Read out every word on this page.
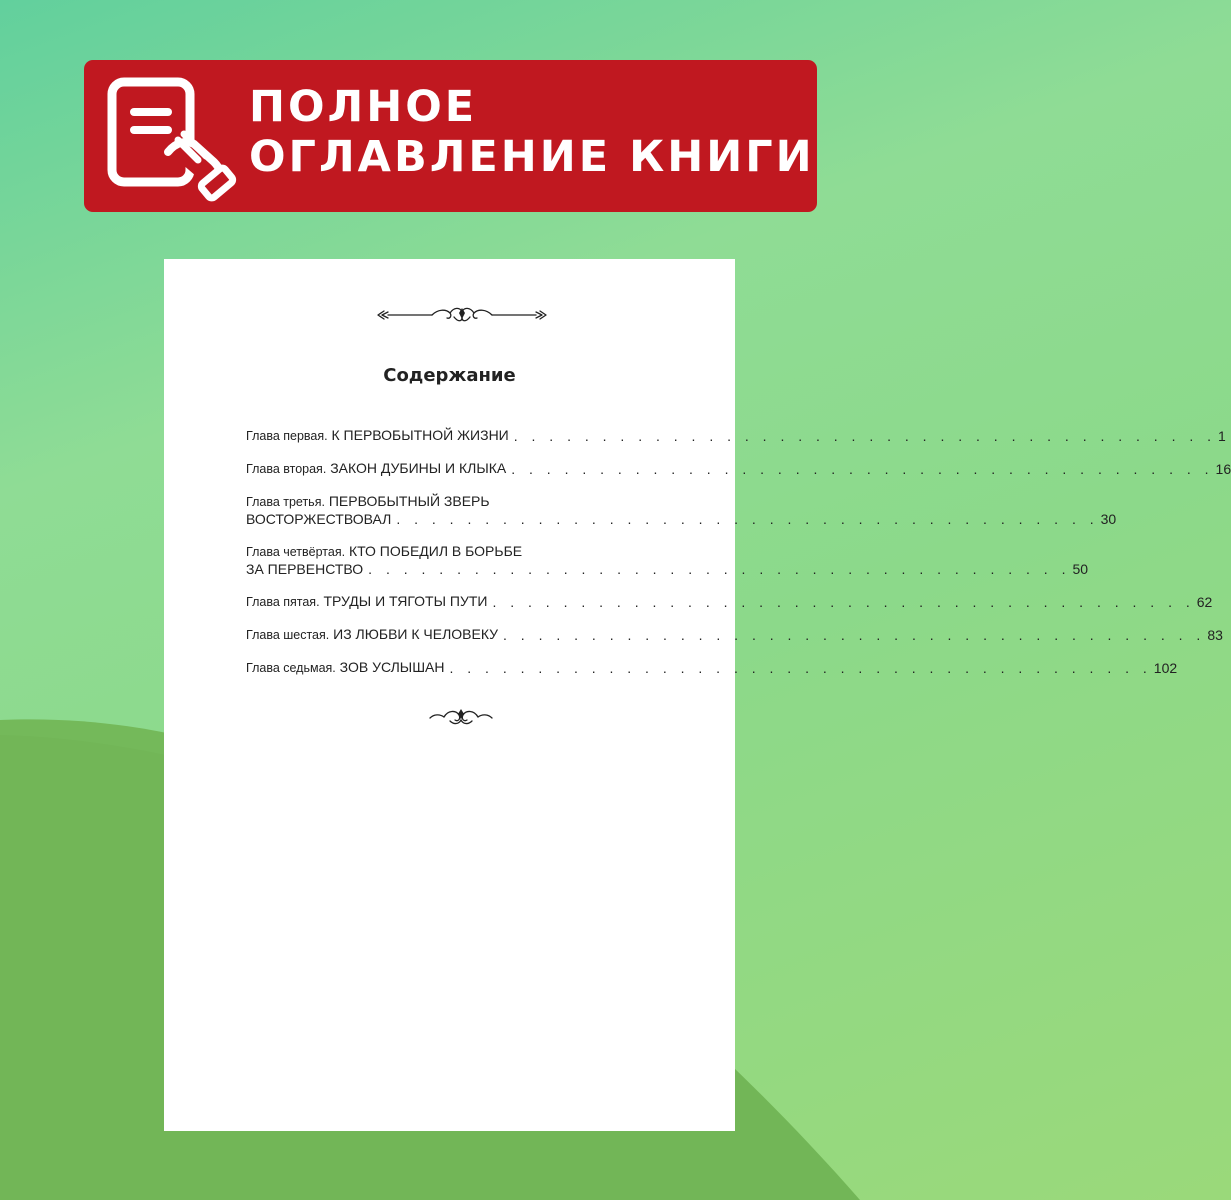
ПОЛНОЕ
ОГЛАВЛЕНИЕ КНИГИ
Содержание
Глава первая. К ПЕРВОБЫТНОЙ ЖИЗНИ . . . . . . . . . . . . . . . . . . . . . . . . . . . . . . . . . . . . . . . . 1
Глава вторая. ЗАКОН ДУБИНЫ И КЛЫКА . . . . . . . . . . . . . . . . . . . . . . . . . . . . . . . . . . . . . . . . 16
Глава третья. ПЕРВОБЫТНЫЙ ЗВЕРЬ
ВОСТОРЖЕСТВОВАЛ . . . . . . . . . . . . . . . . . . . . . . . . . . . . . . . . . . . . . . . . 30
Глава четвёртая. КТО ПОБЕДИЛ В БОРЬБЕ
ЗА ПЕРВЕНСТВО . . . . . . . . . . . . . . . . . . . . . . . . . . . . . . . . . . . . . . . . 50
Глава пятая. ТРУДЫ И ТЯГОТЫ ПУТИ . . . . . . . . . . . . . . . . . . . . . . . . . . . . . . . . . . . . . . . . 62
Глава шестая. ИЗ ЛЮБВИ К ЧЕЛОВЕКУ . . . . . . . . . . . . . . . . . . . . . . . . . . . . . . . . . . . . . . . . 83
Глава седьмая. ЗОВ УСЛЫШАН . . . . . . . . . . . . . . . . . . . . . . . . . . . . . . . . . . . . . . . . 102
